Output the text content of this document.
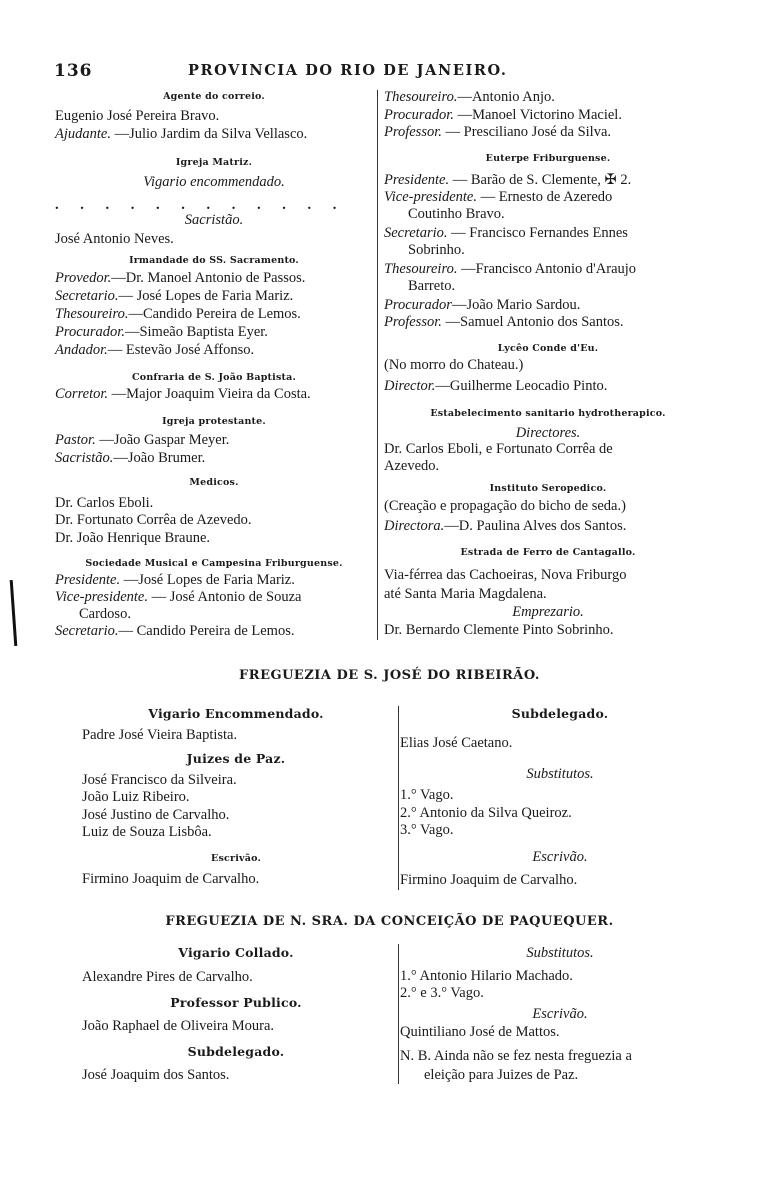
136	PROVINCIA DO RIO DE JANEIRO.
Agente do correio.
Eugenio José Pereira Bravo.
Ajudante. —Julio Jardim da Silva Vellasco.
Igreja Matriz.
Vigario encommendado.
. . . . . . . . . . . .
Sacristão.
José Antonio Neves.
Irmandade do SS. Sacramento.
Provedor.—Dr. Manoel Antonio de Passos.
Secretario.— José Lopes de Faria Mariz.
Thesoureiro.—Candido Pereira de Lemos.
Procurador.—Simeão Baptista Eyer.
Andador.— Estevão José Affonso.
Confraria de S. João Baptista.
Corretor. —Major Joaquim Vieira da Costa.
Igreja protestante.
Pastor. —João Gaspar Meyer.
Sacristão.—João Brumer.
Medicos.
Dr. Carlos Eboli.
Dr. Fortunato Corrêa de Azevedo.
Dr. João Henrique Braune.
Sociedade Musical e Campesina Friburguense.
Presidente. —José Lopes de Faria Mariz.
Vice-presidente. — José Antonio de Souza
Cardoso.
Secretario.— Candido Pereira de Lemos.
Thesoureiro.—Antonio Anjo.
Procurador. —Manoel Victorino Maciel.
Professor. — Presciliano José da Silva.
Euterpe Friburguense.
Presidente. — Barão de S. Clemente, ✠ 2.
Vice-presidente. — Ernesto de Azeredo
Coutinho Bravo.
Secretario. — Francisco Fernandes Ennes
Sobrinho.
Thesoureiro. —Francisco Antonio d'Araujo
Barreto.
Procurador—João Mario Sardou.
Professor. —Samuel Antonio dos Santos.
Lycêo Conde d'Eu.
(No morro do Chateau.)
Director.—Guilherme Leocadio Pinto.
Estabelecimento sanitario hydrotherapico.
Directores.
Dr. Carlos Eboli, e Fortunato Corrêa de
Azevedo.
Instituto Seropedico.
(Creação e propagação do bicho de seda.)
Directora.—D. Paulina Alves dos Santos.
Estrada de Ferro de Cantagallo.
Via-férrea das Cachoeiras, Nova Friburgo
até Santa Maria Magdalena.
Emprezario.
Dr. Bernardo Clemente Pinto Sobrinho.
FREGUEZIA DE S. JOSÉ DO RIBEIRÃO.
Vigario Encommendado.
Padre José Vieira Baptista.
Juizes de Paz.
José Francisco da Silveira.
João Luiz Ribeiro.
José Justino de Carvalho.
Luiz de Souza Lisbôa.
Escrivão.
Firmino Joaquim de Carvalho.
Subdelegado.
Elias José Caetano.
Substitutos.
1.° Vago.
2.° Antonio da Silva Queiroz.
3.° Vago.
Escrivão.
Firmino Joaquim de Carvalho.
FREGUEZIA DE N. SRA. DA CONCEIÇÃO DE PAQUEQUER.
Vigario Collado.
Alexandre Pires de Carvalho.
Professor Publico.
João Raphael de Oliveira Moura.
Subdelegado.
José Joaquim dos Santos.
Substitutos.
1.° Antonio Hilario Machado.
2.° e 3.° Vago.
Escrivão.
Quintiliano José de Mattos.
N. B. Ainda não se fez nesta freguezia a
eleição para Juizes de Paz.
